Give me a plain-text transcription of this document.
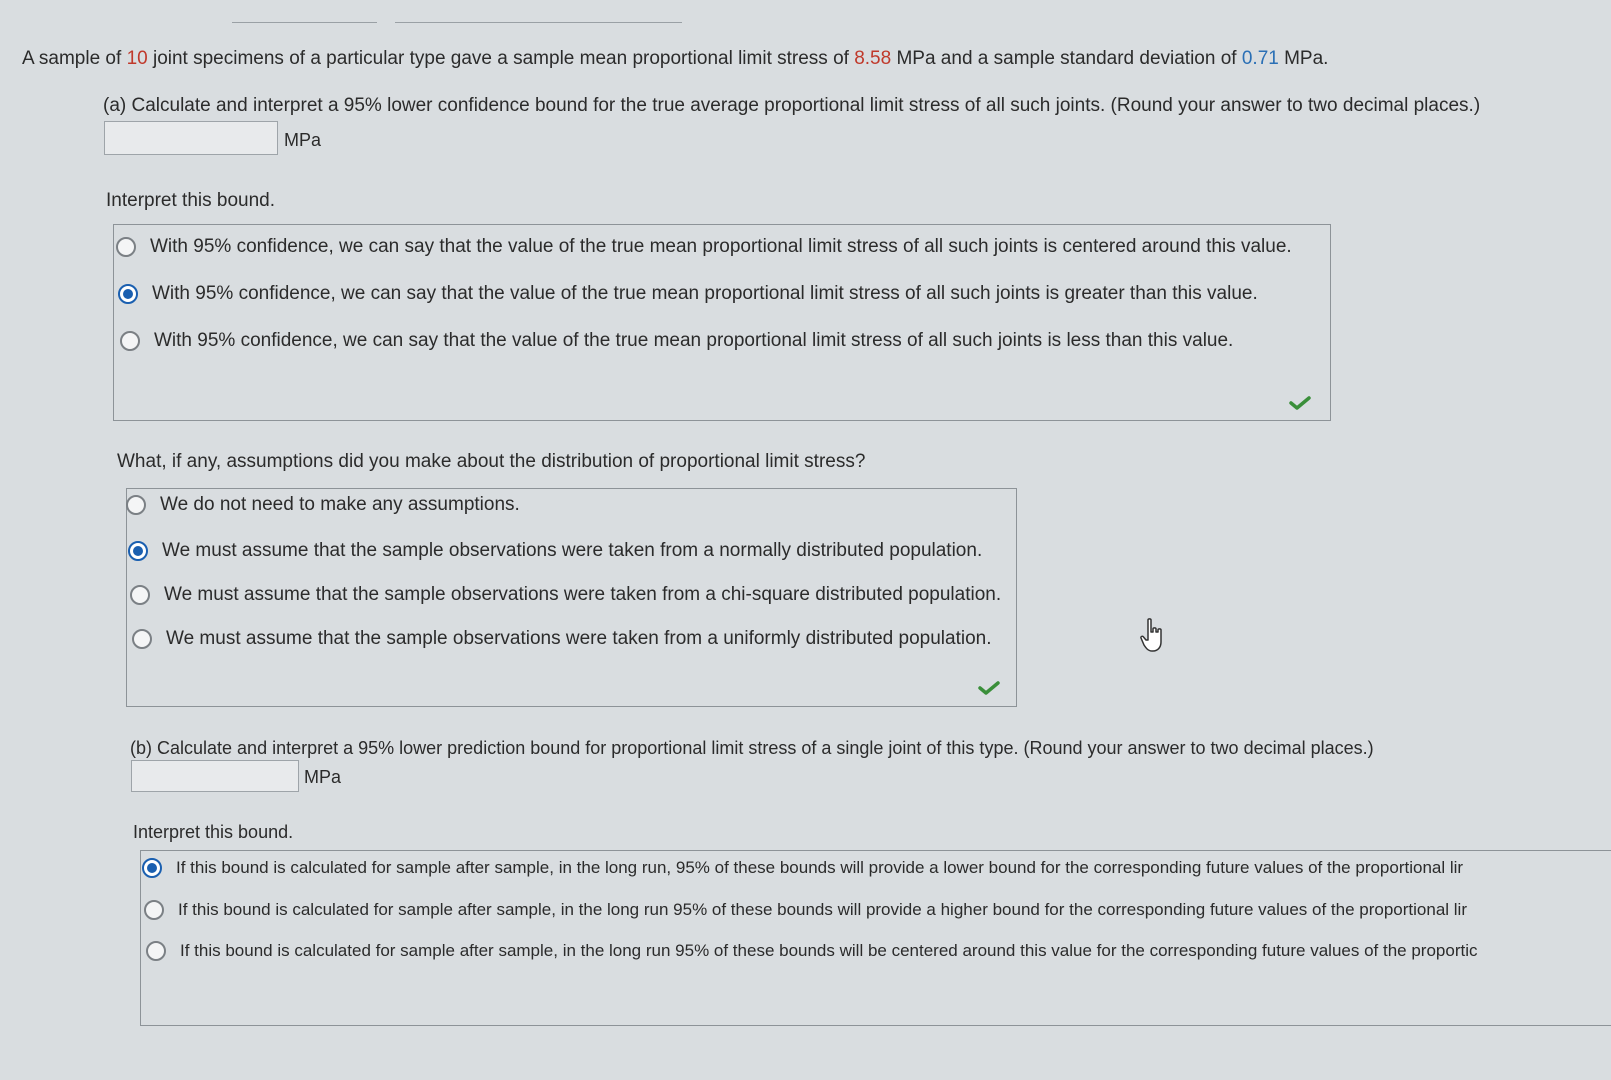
A sample of 10 joint specimens of a particular type gave a sample mean proportional limit stress of 8.58 MPa and a sample standard deviation of 0.71 MPa.
(a) Calculate and interpret a 95% lower confidence bound for the true average proportional limit stress of all such joints. (Round your answer to two decimal places.)
MPa
Interpret this bound.
With 95% confidence, we can say that the value of the true mean proportional limit stress of all such joints is centered around this value.
With 95% confidence, we can say that the value of the true mean proportional limit stress of all such joints is greater than this value.
With 95% confidence, we can say that the value of the true mean proportional limit stress of all such joints is less than this value.
What, if any, assumptions did you make about the distribution of proportional limit stress?
We do not need to make any assumptions.
We must assume that the sample observations were taken from a normally distributed population.
We must assume that the sample observations were taken from a chi-square distributed population.
We must assume that the sample observations were taken from a uniformly distributed population.
(b) Calculate and interpret a 95% lower prediction bound for proportional limit stress of a single joint of this type. (Round your answer to two decimal places.)
MPa
Interpret this bound.
If this bound is calculated for sample after sample, in the long run, 95% of these bounds will provide a lower bound for the corresponding future values of the proportional lir
If this bound is calculated for sample after sample, in the long run 95% of these bounds will provide a higher bound for the corresponding future values of the proportional lir
If this bound is calculated for sample after sample, in the long run 95% of these bounds will be centered around this value for the corresponding future values of the proportic
